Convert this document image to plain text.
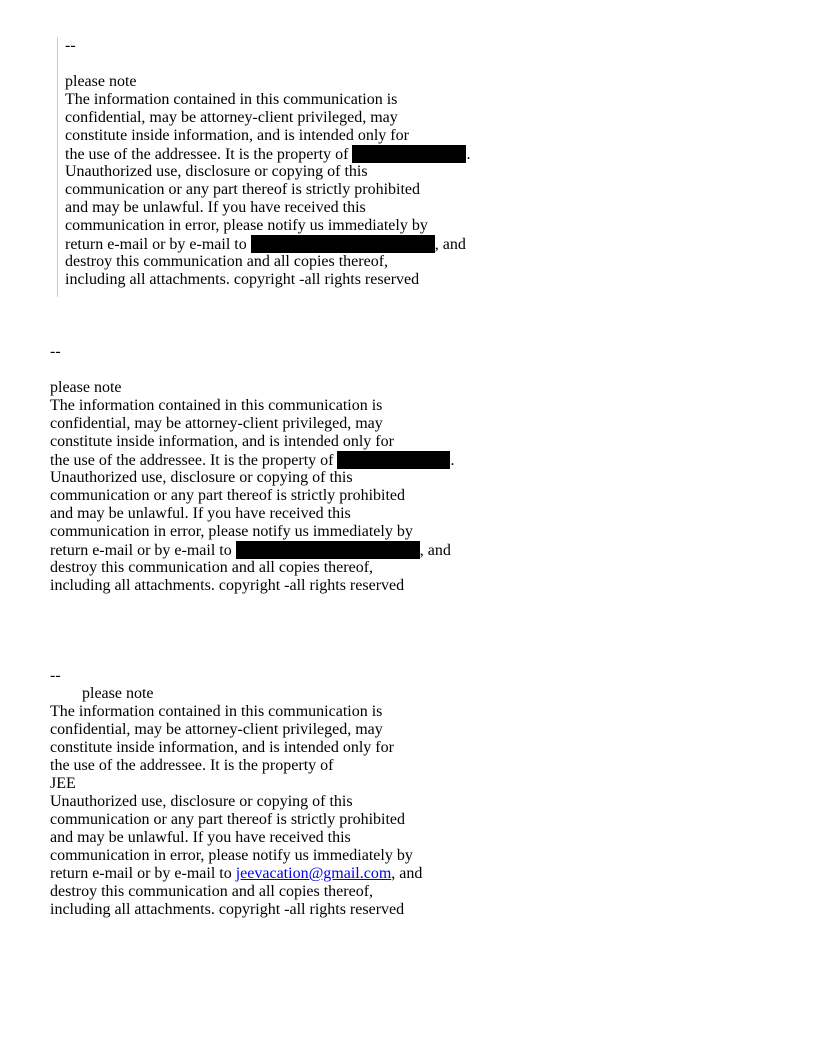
--
please note
The information contained in this communication is
confidential, may be attorney-client privileged, may
constitute inside information, and is intended only for
the use of the addressee. It is the property of	.
Unauthorized use, disclosure or copying of this
communication or any part thereof is strictly prohibited
and may be unlawful. If you have received this
communication in error, please notify us immediately by
return e-mail or by e-mail to	, and
destroy this communication and all copies thereof,
including all attachments. copyright -all rights reserved
--
please note
The information contained in this communication is
confidential, may be attorney-client privileged, may
constitute inside information, and is intended only for
the use of the addressee. It is the property of	.
Unauthorized use, disclosure or copying of this
communication or any part thereof is strictly prohibited
and may be unlawful. If you have received this
communication in error, please notify us immediately by
return e-mail or by e-mail to	, and
destroy this communication and all copies thereof,
including all attachments. copyright -all rights reserved
--
please note
The information contained in this communication is
confidential, may be attorney-client privileged, may
constitute inside information, and is intended only for
the use of the addressee. It is the property of
JEE
Unauthorized use, disclosure or copying of this
communication or any part thereof is strictly prohibited
and may be unlawful. If you have received this
communication in error, please notify us immediately by
return e-mail or by e-mail to jeevacation@gmail.com, and
destroy this communication and all copies thereof,
including all attachments. copyright -all rights reserved
